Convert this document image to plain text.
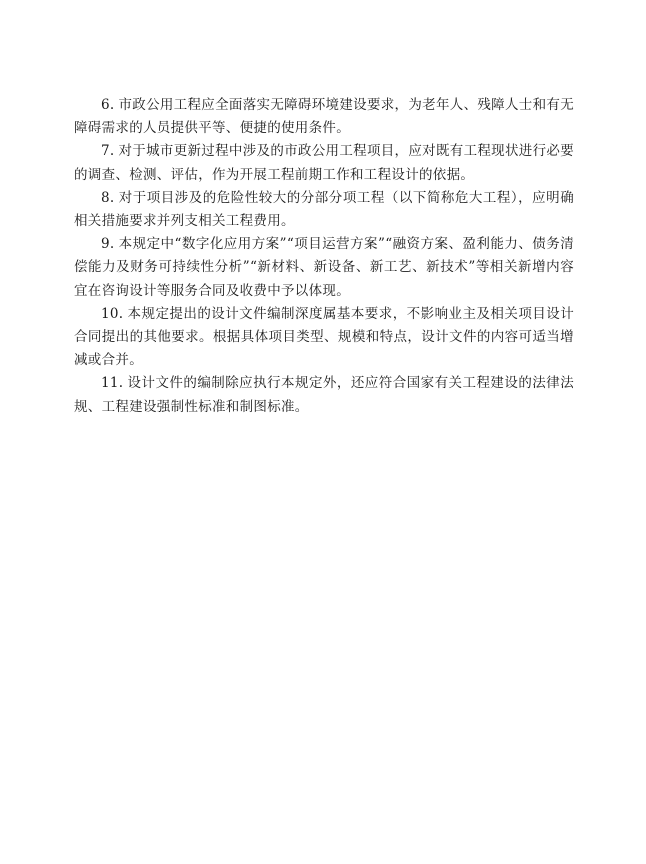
6. 市政公用工程应全面落实无障碍环境建设要求，为老年人、残障人士和有无障碍需求的人员提供平等、便捷的使用条件。

7. 对于城市更新过程中涉及的市政公用工程项目，应对既有工程现状进行必要的调查、检测、评估，作为开展工程前期工作和工程设计的依据。

8. 对于项目涉及的危险性较大的分部分项工程（以下简称危大工程），应明确相关措施要求并列支相关工程费用。

9. 本规定中“数字化应用方案”“项目运营方案”“融资方案、盈利能力、债务清偿能力及财务可持续性分析”“新材料、新设备、新工艺、新技术”等相关新增内容宜在咨询设计等服务合同及收费中予以体现。

10. 本规定提出的设计文件编制深度属基本要求，不影响业主及相关项目设计合同提出的其他要求。根据具体项目类型、规模和特点，设计文件的内容可适当增减或合并。

11. 设计文件的编制除应执行本规定外，还应符合国家有关工程建设的法律法规、工程建设强制性标准和制图标准。
